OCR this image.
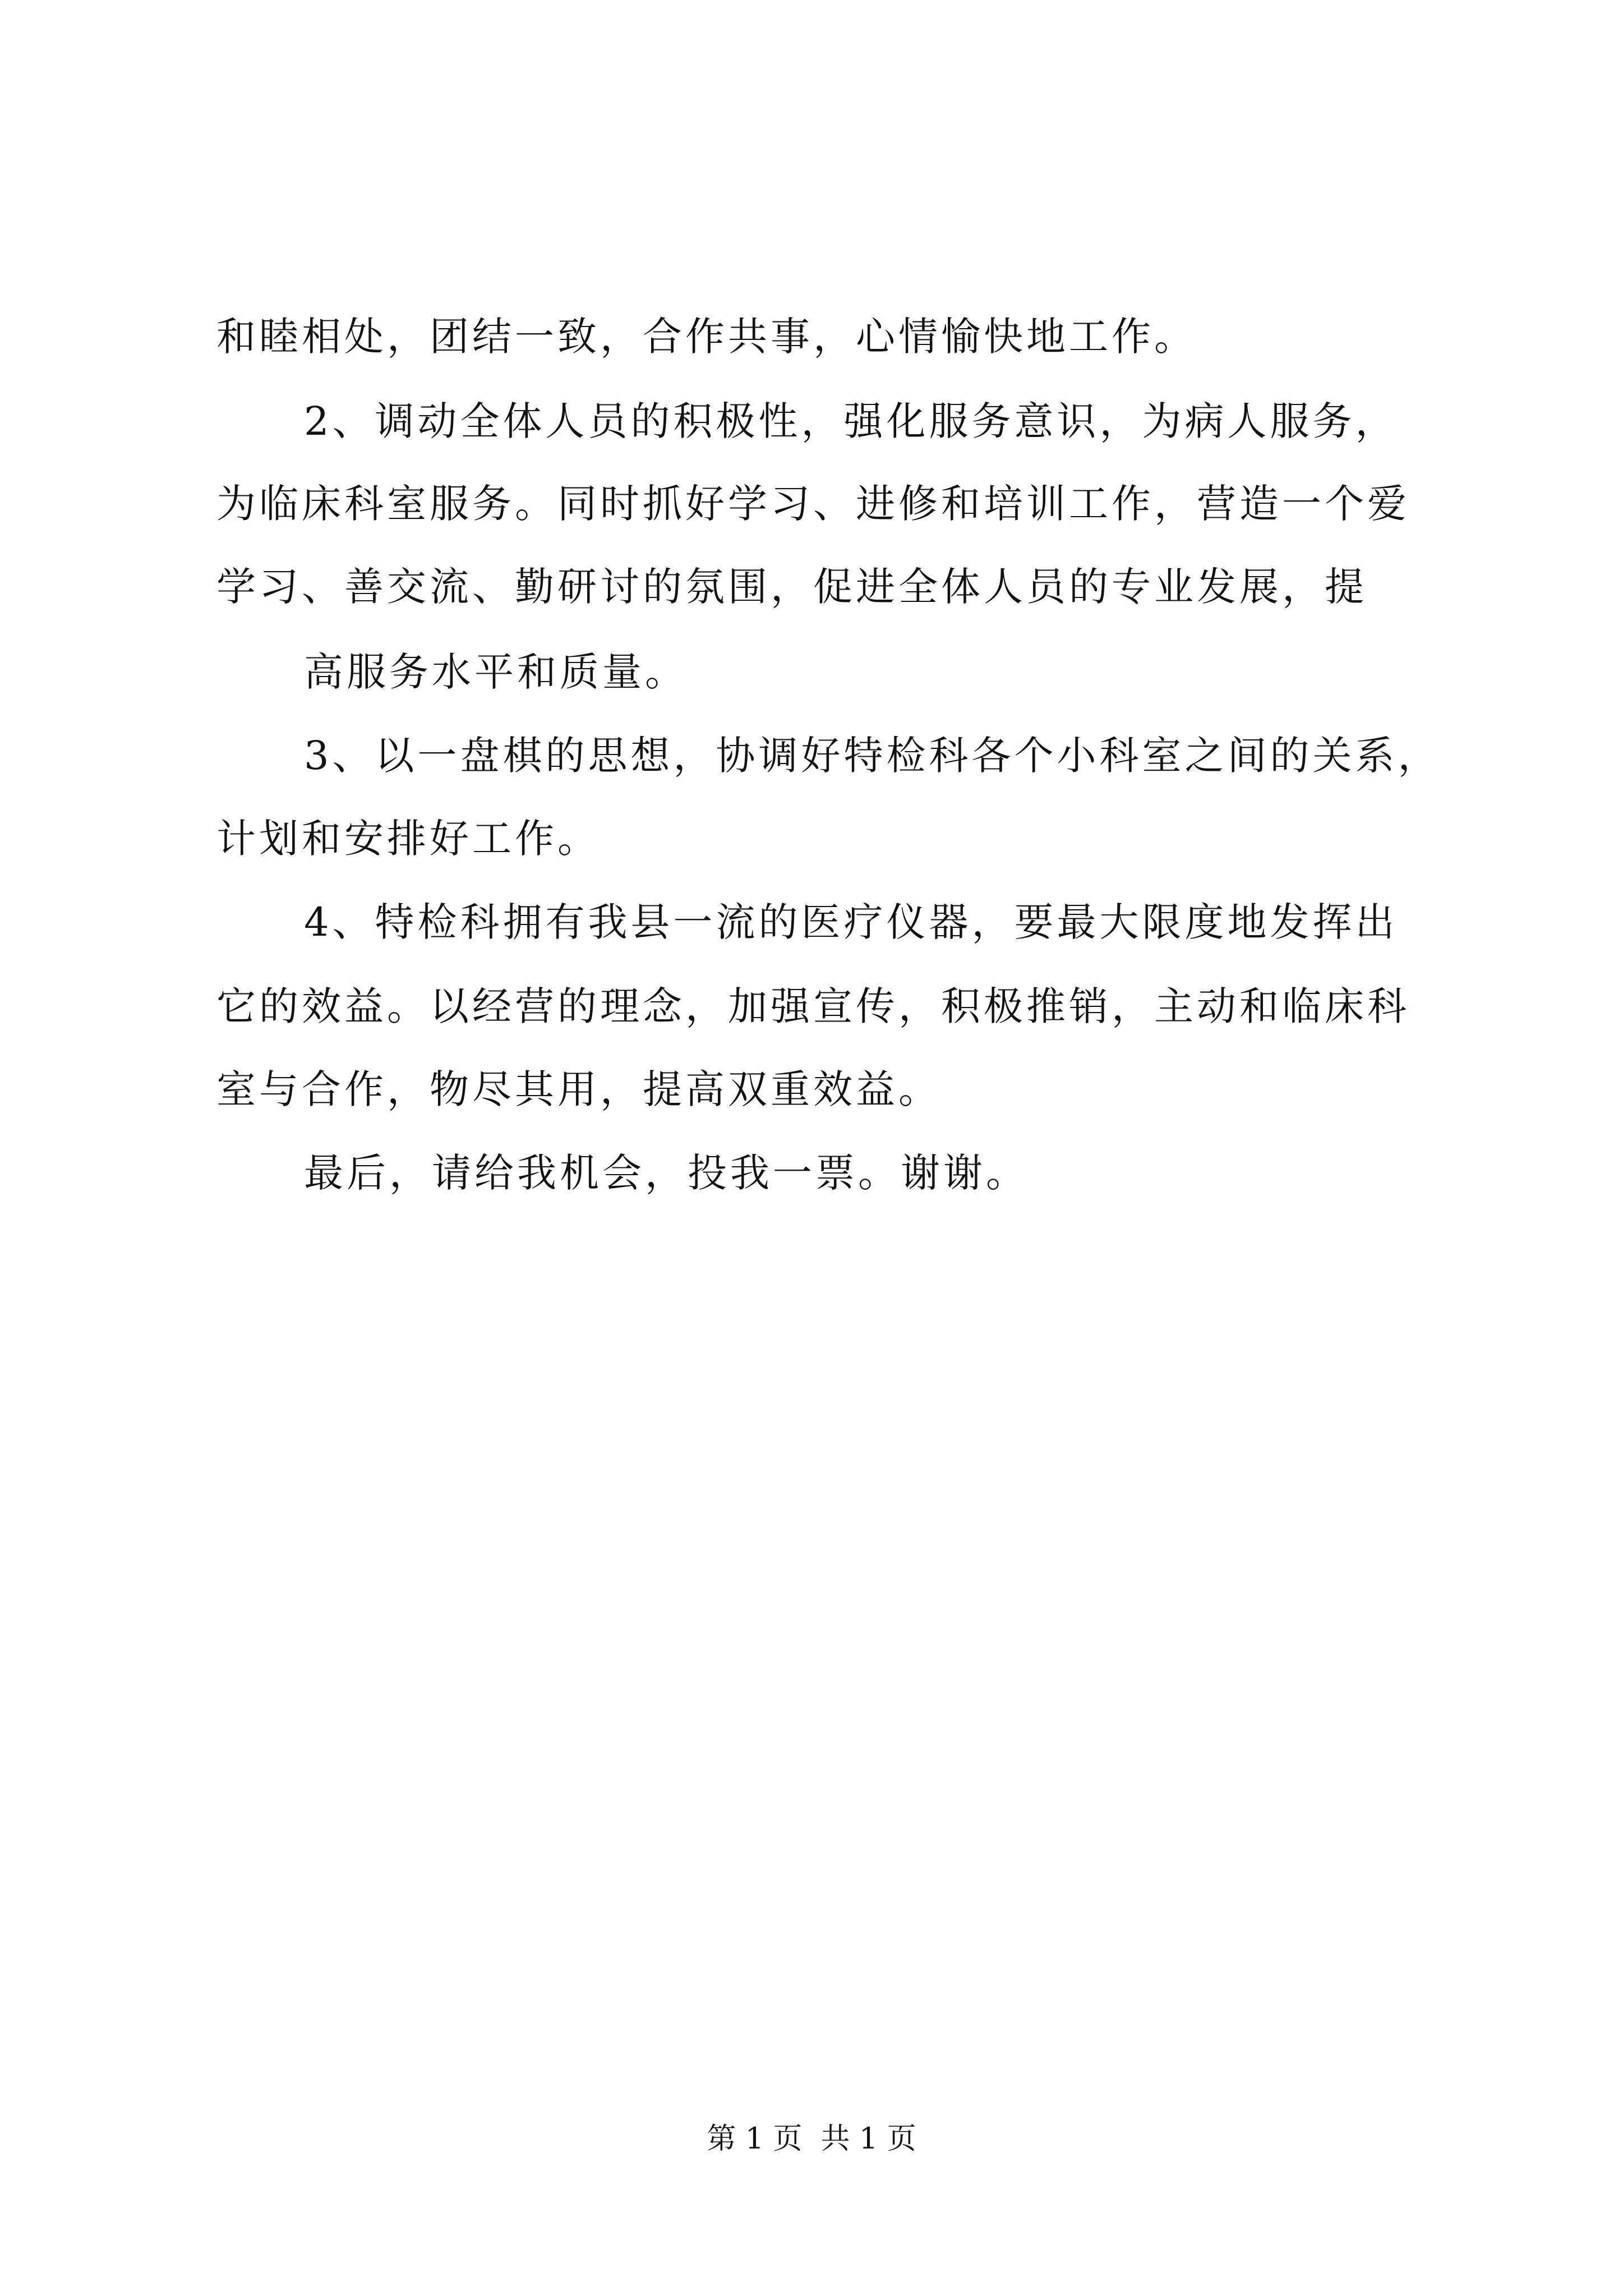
和睦相处，团结一致，合作共事，心情愉快地工作。
2、调动全体人员的积极性，强化服务意识，为病人服务，
为临床科室服务。同时抓好学习、进修和培训工作，营造一个爱
学习、善交流、勤研讨的氛围，促进全体人员的专业发展，提
高服务水平和质量。
3、以一盘棋的思想，协调好特检科各个小科室之间的关系，
计划和安排好工作。
4、特检科拥有我县一流的医疗仪器，要最大限度地发挥出
它的效益。以经营的理念，加强宣传，积极推销，主动和临床科
室与合作，物尽其用，提高双重效益。
最后，请给我机会，投我一票。谢谢。
第 1 页  共 1 页
